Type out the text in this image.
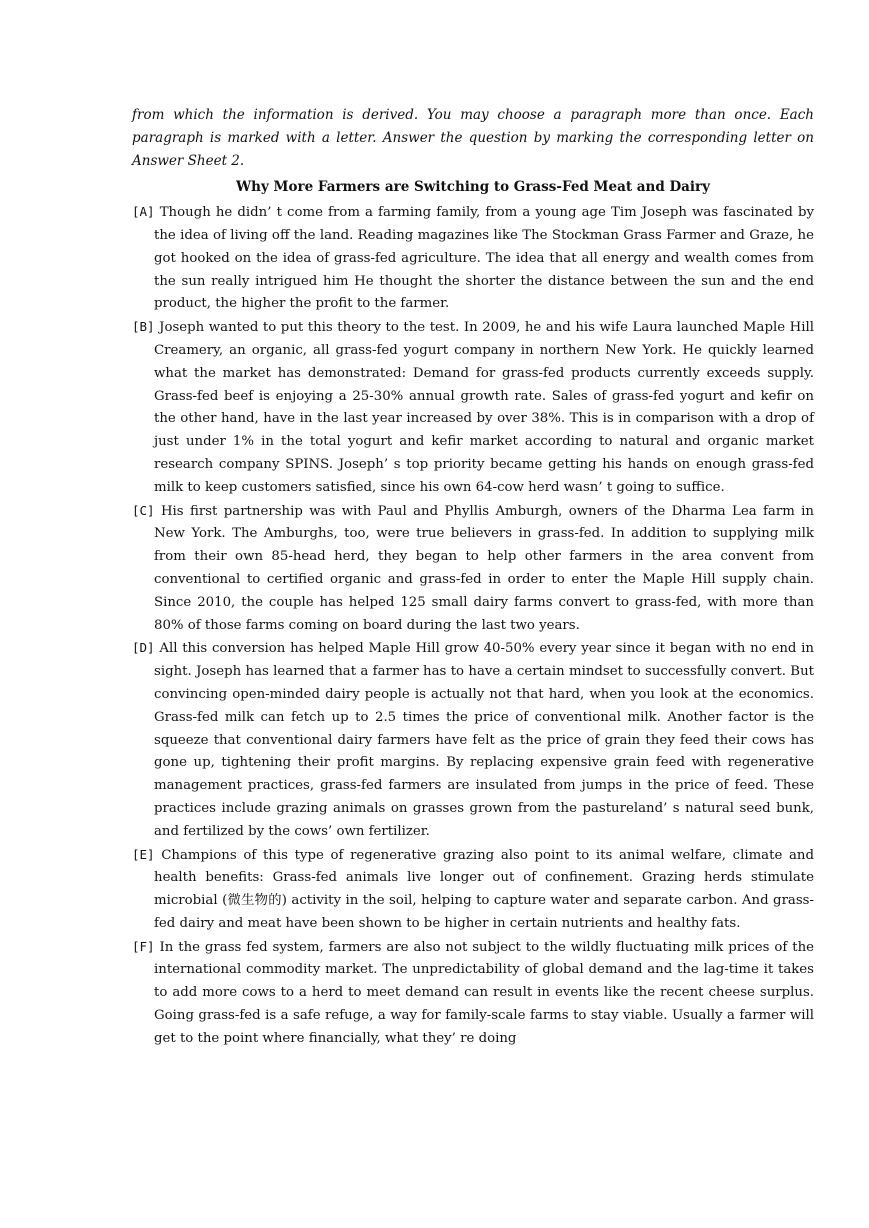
from which the information is derived. You may choose a paragraph more than once. Each paragraph is marked with a letter. Answer the question by marking the corresponding letter on Answer Sheet 2.

Why More Farmers are Switching to Grass-Fed Meat and Dairy

[A] Though he didn’ t come from a farming family, from a young age Tim Joseph was fascinated by the idea of living off the land. Reading magazines like The Stockman Grass Farmer and Graze, he got hooked on the idea of grass-fed agriculture. The idea that all energy and wealth comes from the sun really intrigued him He thought the shorter the distance between the sun and the end product, the higher the profit to the farmer.

[B] Joseph wanted to put this theory to the test. In 2009, he and his wife Laura launched Maple Hill Creamery, an organic, all grass-fed yogurt company in northern New York. He quickly learned what the market has demonstrated: Demand for grass-fed products currently exceeds supply. Grass-fed beef is enjoying a 25-30% annual growth rate. Sales of grass-fed yogurt and kefir on the other hand, have in the last year increased by over 38%. This is in comparison with a drop of just under 1% in the total yogurt and kefir market according to natural and organic market research company SPINS. Joseph’ s top priority became getting his hands on enough grass-fed milk to keep customers satisfied, since his own 64-cow herd wasn’ t going to suffice.

[C] His first partnership was with Paul and Phyllis Amburgh, owners of the Dharma Lea farm in New York. The Amburghs, too, were true believers in grass-fed. In addition to supplying milk from their own 85-head herd, they began to help other farmers in the area convent from conventional to certified organic and grass-fed in order to enter the Maple Hill supply chain. Since 2010, the couple has helped 125 small dairy farms convert to grass-fed, with more than 80% of those farms coming on board during the last two years.

[D] All this conversion has helped Maple Hill grow 40-50% every year since it began with no end in sight. Joseph has learned that a farmer has to have a certain mindset to successfully convert. But convincing open-minded dairy people is actually not that hard, when you look at the economics. Grass-fed milk can fetch up to 2.5 times the price of conventional milk. Another factor is the squeeze that conventional dairy farmers have felt as the price of grain they feed their cows has gone up, tightening their profit margins. By replacing expensive grain feed with regenerative management practices, grass-fed farmers are insulated from jumps in the price of feed. These practices include grazing animals on grasses grown from the pastureland’ s natural seed bunk, and fertilized by the cows’ own fertilizer.

[E] Champions of this type of regenerative grazing also point to its animal welfare, climate and health benefits: Grass-fed animals live longer out of confinement. Grazing herds stimulate microbial (微生物的) activity in the soil, helping to capture water and separate carbon. And grass-fed dairy and meat have been shown to be higher in certain nutrients and healthy fats.

[F] In the grass fed system, farmers are also not subject to the wildly fluctuating milk prices of the international commodity market. The unpredictability of global demand and the lag-time it takes to add more cows to a herd to meet demand can result in events like the recent cheese surplus. Going grass-fed is a safe refuge, a way for family-scale farms to stay viable. Usually a farmer will get to the point where financially, what they’ re doing
